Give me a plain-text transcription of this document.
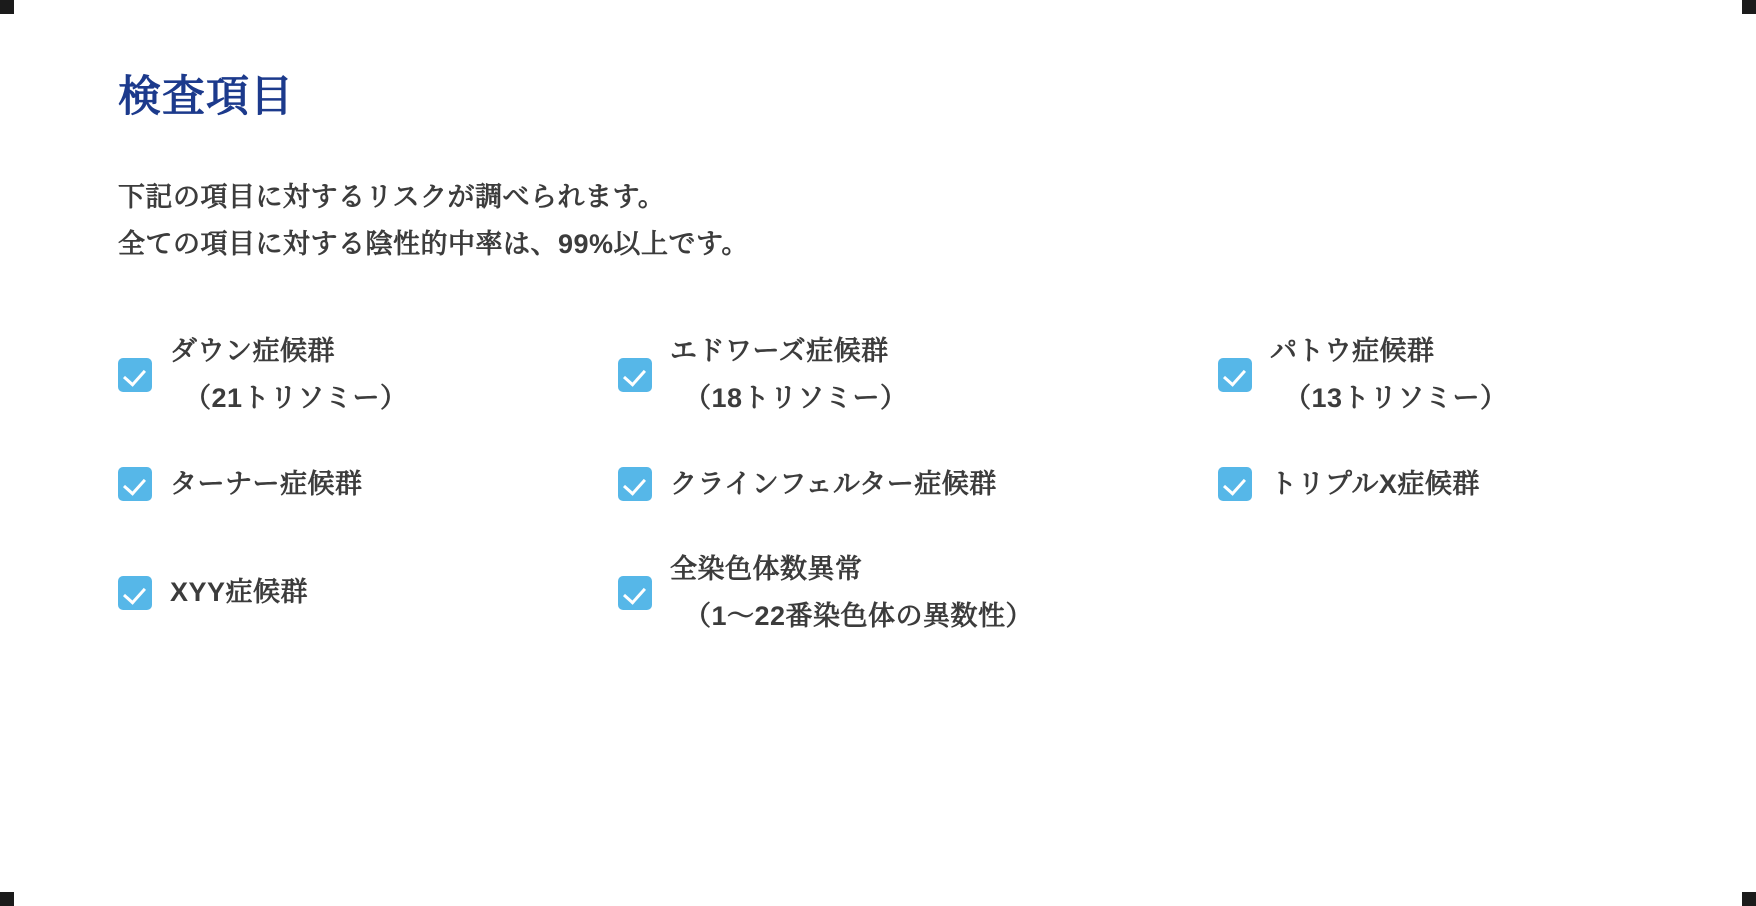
検査項目
下記の項目に対するリスクが調べられます。
全ての項目に対する陰性的中率は、99%以上です。
ダウン症候群
（21トリソミー）
エドワーズ症候群
（18トリソミー）
パトウ症候群
（13トリソミー）
ターナー症候群	クラインフェルター症候群	トリプルX症候群
XYY症候群
全染色体数異常
（1〜22番染色体の異数性）
